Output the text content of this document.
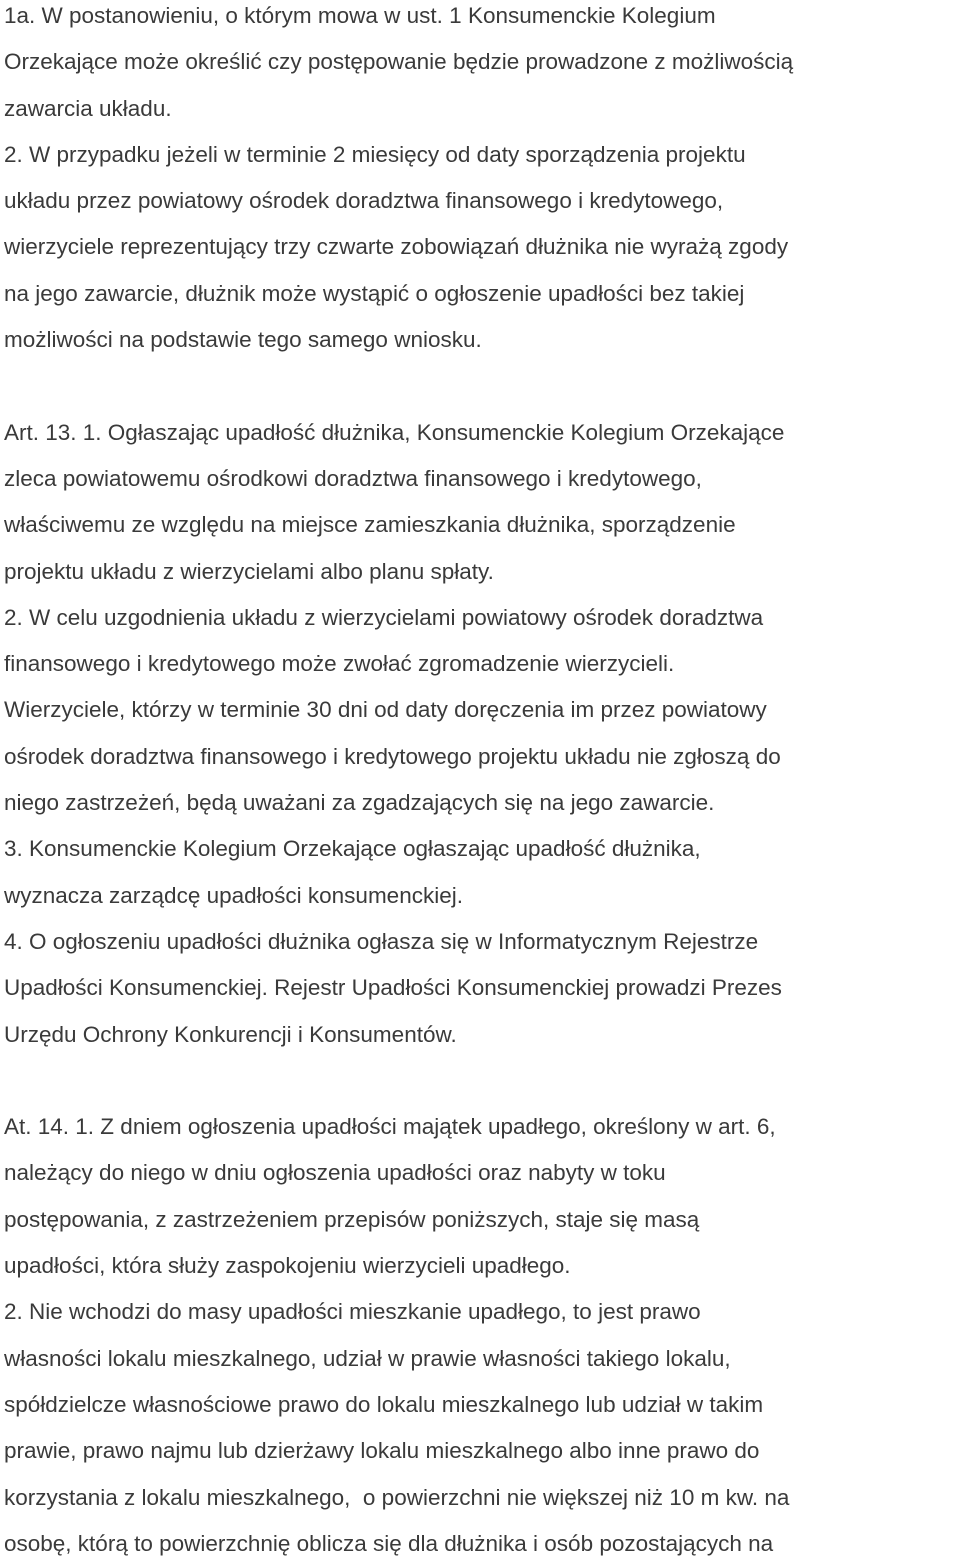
1a. W postanowieniu, o którym mowa w ust. 1 Konsumenckie Kolegium
Orzekające może określić czy postępowanie będzie prowadzone z możliwością
zawarcia układu.
2. W przypadku jeżeli w terminie 2 miesięcy od daty sporządzenia projektu
układu przez powiatowy ośrodek doradztwa finansowego i kredytowego,
wierzyciele reprezentujący trzy czwarte zobowiązań dłużnika nie wyrażą zgody
na jego zawarcie, dłużnik może wystąpić o ogłoszenie upadłości bez takiej
możliwości na podstawie tego samego wniosku.
Art. 13. 1. Ogłaszając upadłość dłużnika, Konsumenckie Kolegium Orzekające
zleca powiatowemu ośrodkowi doradztwa finansowego i kredytowego,
właściwemu ze względu na miejsce zamieszkania dłużnika, sporządzenie
projektu układu z wierzycielami albo planu spłaty.
2. W celu uzgodnienia układu z wierzycielami powiatowy ośrodek doradztwa
finansowego i kredytowego może zwołać zgromadzenie wierzycieli.
Wierzyciele, którzy w terminie 30 dni od daty doręczenia im przez powiatowy
ośrodek doradztwa finansowego i kredytowego projektu układu nie zgłoszą do
niego zastrzeżeń, będą uważani za zgadzających się na jego zawarcie.
3. Konsumenckie Kolegium Orzekające ogłaszając upadłość dłużnika,
wyznacza zarządcę upadłości konsumenckiej.
4. O ogłoszeniu upadłości dłużnika ogłasza się w Informatycznym Rejestrze
Upadłości Konsumenckiej. Rejestr Upadłości Konsumenckiej prowadzi Prezes
Urzędu Ochrony Konkurencji i Konsumentów.
At. 14. 1. Z dniem ogłoszenia upadłości majątek upadłego, określony w art. 6,
należący do niego w dniu ogłoszenia upadłości oraz nabyty w toku
postępowania, z zastrzeżeniem przepisów poniższych, staje się masą
upadłości, która służy zaspokojeniu wierzycieli upadłego.
2. Nie wchodzi do masy upadłości mieszkanie upadłego, to jest prawo
własności lokalu mieszkalnego, udział w prawie własności takiego lokalu,
spółdzielcze własnościowe prawo do lokalu mieszkalnego lub udział w takim
prawie, prawo najmu lub dzierżawy lokalu mieszkalnego albo inne prawo do
korzystania z lokalu mieszkalnego,  o powierzchni nie większej niż 10 m kw. na
osobę, którą to powierzchnię oblicza się dla dłużnika i osób pozostających na
